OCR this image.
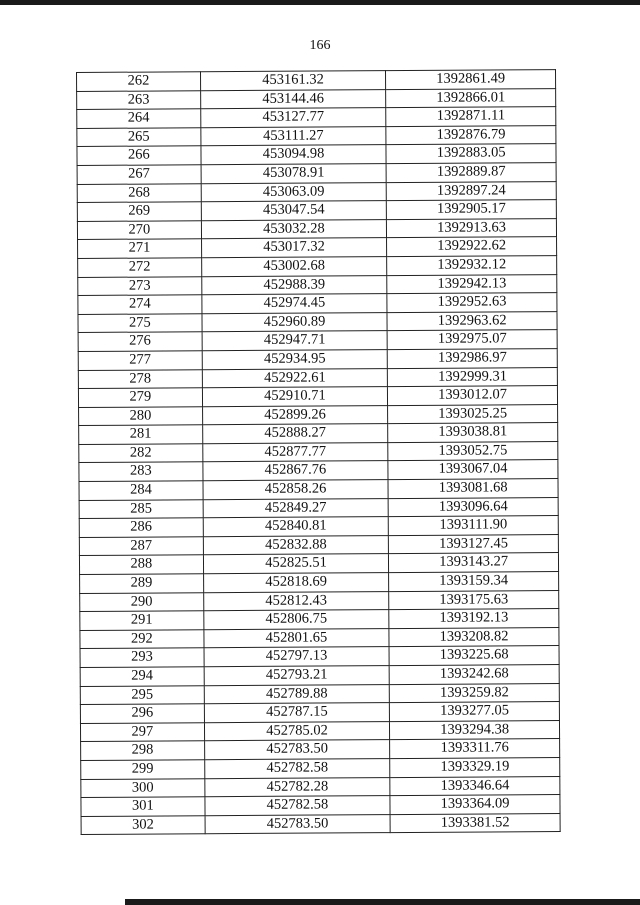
166
262	453161.32	1392861.49
263	453144.46	1392866.01
264	453127.77	1392871.11
265	453111.27	1392876.79
266	453094.98	1392883.05
267	453078.91	1392889.87
268	453063.09	1392897.24
269	453047.54	1392905.17
270	453032.28	1392913.63
271	453017.32	1392922.62
272	453002.68	1392932.12
273	452988.39	1392942.13
274	452974.45	1392952.63
275	452960.89	1392963.62
276	452947.71	1392975.07
277	452934.95	1392986.97
278	452922.61	1392999.31
279	452910.71	1393012.07
280	452899.26	1393025.25
281	452888.27	1393038.81
282	452877.77	1393052.75
283	452867.76	1393067.04
284	452858.26	1393081.68
285	452849.27	1393096.64
286	452840.81	1393111.90
287	452832.88	1393127.45
288	452825.51	1393143.27
289	452818.69	1393159.34
290	452812.43	1393175.63
291	452806.75	1393192.13
292	452801.65	1393208.82
293	452797.13	1393225.68
294	452793.21	1393242.68
295	452789.88	1393259.82
296	452787.15	1393277.05
297	452785.02	1393294.38
298	452783.50	1393311.76
299	452782.58	1393329.19
300	452782.28	1393346.64
301	452782.58	1393364.09
302	452783.50	1393381.52
